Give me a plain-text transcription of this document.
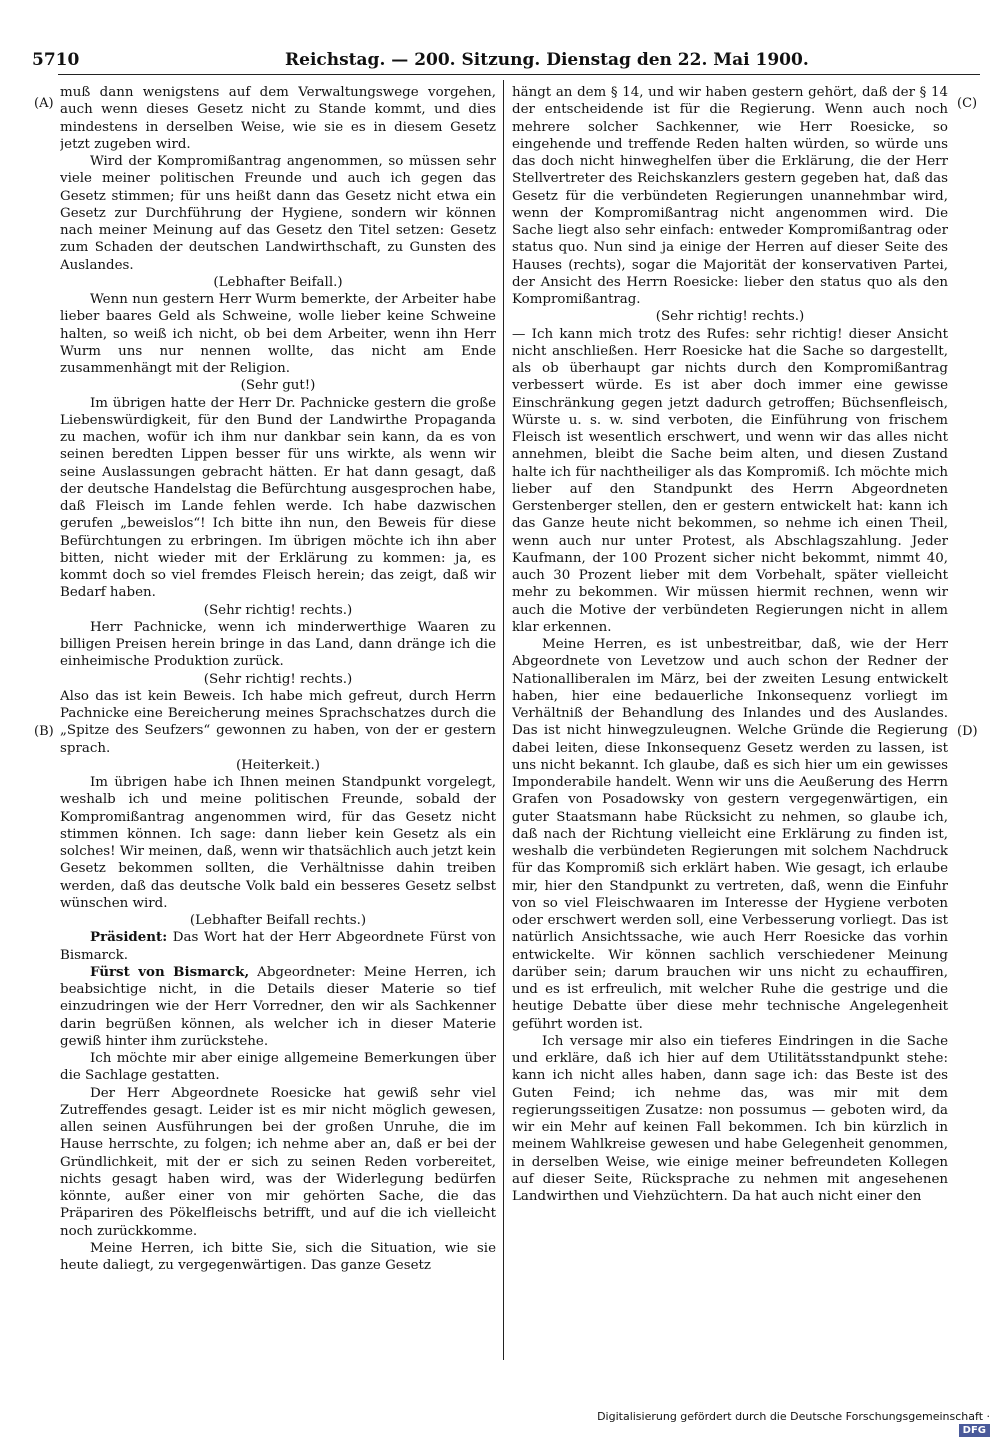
5710	Reichstag. — 200. Sitzung. Dienstag den 22. Mai 1900.
(A)
(B)
(C)
(D)

muß dann wenigstens auf dem Verwaltungswege vorgehen, auch wenn dieses Gesetz nicht zu Stande kommt, und dies mindestens in derselben Weise, wie sie es in diesem Gesetz jetzt zugeben wird.

Wird der Kompromißantrag angenommen, so müssen sehr viele meiner politischen Freunde und auch ich gegen das Gesetz stimmen; für uns heißt dann das Gesetz nicht etwa ein Gesetz zur Durchführung der Hygiene, sondern wir können nach meiner Meinung auf das Gesetz den Titel setzen: Gesetz zum Schaden der deutschen Landwirthschaft, zu Gunsten des Auslandes.

(Lebhafter Beifall.)

Wenn nun gestern Herr Wurm bemerkte, der Arbeiter habe lieber baares Geld als Schweine, wolle lieber keine Schweine halten, so weiß ich nicht, ob bei dem Arbeiter, wenn ihn Herr Wurm uns nur nennen wollte, das nicht am Ende zusammenhängt mit der Religion.

(Sehr gut!)

Im übrigen hatte der Herr Dr. Pachnicke gestern die große Liebenswürdigkeit, für den Bund der Landwirthe Propaganda zu machen, wofür ich ihm nur dankbar sein kann, da es von seinen beredten Lippen besser für uns wirkte, als wenn wir seine Auslassungen gebracht hätten. Er hat dann gesagt, daß der deutsche Handelstag die Befürchtung ausgesprochen habe, daß Fleisch im Lande fehlen werde. Ich habe dazwischen gerufen „beweislos“! Ich bitte ihn nun, den Beweis für diese Befürchtungen zu erbringen. Im übrigen möchte ich ihn aber bitten, nicht wieder mit der Erklärung zu kommen: ja, es kommt doch so viel fremdes Fleisch herein; das zeigt, daß wir Bedarf haben.

(Sehr richtig! rechts.)

Herr Pachnicke, wenn ich minderwerthige Waaren zu billigen Preisen herein bringe in das Land, dann dränge ich die einheimische Produktion zurück.

(Sehr richtig! rechts.)

Also das ist kein Beweis. Ich habe mich gefreut, durch Herrn Pachnicke eine Bereicherung meines Sprachschatzes durch die „Spitze des Seufzers“ gewonnen zu haben, von der er gestern sprach.

(Heiterkeit.)

Im übrigen habe ich Ihnen meinen Standpunkt vorgelegt, weshalb ich und meine politischen Freunde, sobald der Kompromißantrag angenommen wird, für das Gesetz nicht stimmen können. Ich sage: dann lieber kein Gesetz als ein solches! Wir meinen, daß, wenn wir thatsächlich auch jetzt kein Gesetz bekommen sollten, die Verhältnisse dahin treiben werden, daß das deutsche Volk bald ein besseres Gesetz selbst wünschen wird.

(Lebhafter Beifall rechts.)

Präsident: Das Wort hat der Herr Abgeordnete Fürst von Bismarck.

Fürst von Bismarck, Abgeordneter: Meine Herren, ich beabsichtige nicht, in die Details dieser Materie so tief einzudringen wie der Herr Vorredner, den wir als Sachkenner darin begrüßen können, als welcher ich in dieser Materie gewiß hinter ihm zurückstehe.

Ich möchte mir aber einige allgemeine Bemerkungen über die Sachlage gestatten.

Der Herr Abgeordnete Roesicke hat gewiß sehr viel Zutreffendes gesagt. Leider ist es mir nicht möglich gewesen, allen seinen Ausführungen bei der großen Unruhe, die im Hause herrschte, zu folgen; ich nehme aber an, daß er bei der Gründlichkeit, mit der er sich zu seinen Reden vorbereitet, nichts gesagt haben wird, was der Widerlegung bedürfen könnte, außer einer von mir gehörten Sache, die das Präpariren des Pökelfleischs betrifft, und auf die ich vielleicht noch zurückkomme.

Meine Herren, ich bitte Sie, sich die Situation, wie sie heute daliegt, zu vergegenwärtigen. Das ganze Gesetz

hängt an dem § 14, und wir haben gestern gehört, daß der § 14 der entscheidende ist für die Regierung. Wenn auch noch mehrere solcher Sachkenner, wie Herr Roesicke, so eingehende und treffende Reden halten würden, so würde uns das doch nicht hinweghelfen über die Erklärung, die der Herr Stellvertreter des Reichskanzlers gestern gegeben hat, daß das Gesetz für die verbündeten Regierungen unannehmbar wird, wenn der Kompromißantrag nicht angenommen wird. Die Sache liegt also sehr einfach: entweder Kompromißantrag oder status quo. Nun sind ja einige der Herren auf dieser Seite des Hauses (rechts), sogar die Majorität der konservativen Partei, der Ansicht des Herrn Roesicke: lieber den status quo als den Kompromißantrag.

(Sehr richtig! rechts.)

— Ich kann mich trotz des Rufes: sehr richtig! dieser Ansicht nicht anschließen. Herr Roesicke hat die Sache so dargestellt, als ob überhaupt gar nichts durch den Kompromißantrag verbessert würde. Es ist aber doch immer eine gewisse Einschränkung gegen jetzt dadurch getroffen; Büchsenfleisch, Würste u. s. w. sind verboten, die Einführung von frischem Fleisch ist wesentlich erschwert, und wenn wir das alles nicht annehmen, bleibt die Sache beim alten, und diesen Zustand halte ich für nachtheiliger als das Kompromiß. Ich möchte mich lieber auf den Standpunkt des Herrn Abgeordneten Gerstenberger stellen, den er gestern entwickelt hat: kann ich das Ganze heute nicht bekommen, so nehme ich einen Theil, wenn auch nur unter Protest, als Abschlagszahlung. Jeder Kaufmann, der 100 Prozent sicher nicht bekommt, nimmt 40, auch 30 Prozent lieber mit dem Vorbehalt, später vielleicht mehr zu bekommen. Wir müssen hiermit rechnen, wenn wir auch die Motive der verbündeten Regierungen nicht in allem klar erkennen.

Meine Herren, es ist unbestreitbar, daß, wie der Herr Abgeordnete von Levetzow und auch schon der Redner der Nationalliberalen im März, bei der zweiten Lesung entwickelt haben, hier eine bedauerliche Inkonsequenz vorliegt im Verhältniß der Behandlung des Inlandes und des Auslandes. Das ist nicht hinwegzuleugnen. Welche Gründe die Regierung dabei leiten, diese Inkonsequenz Gesetz werden zu lassen, ist uns nicht bekannt. Ich glaube, daß es sich hier um ein gewisses Imponderabile handelt. Wenn wir uns die Aeußerung des Herrn Grafen von Posadowsky von gestern vergegenwärtigen, ein guter Staatsmann habe Rücksicht zu nehmen, so glaube ich, daß nach der Richtung vielleicht eine Erklärung zu finden ist, weshalb die verbündeten Regierungen mit solchem Nachdruck für das Kompromiß sich erklärt haben. Wie gesagt, ich erlaube mir, hier den Standpunkt zu vertreten, daß, wenn die Einfuhr von so viel Fleischwaaren im Interesse der Hygiene verboten oder erschwert werden soll, eine Verbesserung vorliegt. Das ist natürlich Ansichtssache, wie auch Herr Roesicke das vorhin entwickelte. Wir können sachlich verschiedener Meinung darüber sein; darum brauchen wir uns nicht zu echauffiren, und es ist erfreulich, mit welcher Ruhe die gestrige und die heutige Debatte über diese mehr technische Angelegenheit geführt worden ist.

Ich versage mir also ein tieferes Eindringen in die Sache und erkläre, daß ich hier auf dem Utilitätsstandpunkt stehe: kann ich nicht alles haben, dann sage ich: das Beste ist des Guten Feind; ich nehme das, was mir mit dem regierungsseitigen Zusatze: non possumus — geboten wird, da wir ein Mehr auf keinen Fall bekommen. Ich bin kürzlich in meinem Wahlkreise gewesen und habe Gelegenheit genommen, in derselben Weise, wie einige meiner befreundeten Kollegen auf dieser Seite, Rücksprache zu nehmen mit angesehenen Landwirthen und Viehzüchtern. Da hat auch nicht einer den

Digitalisierung gefördert durch die Deutsche Forschungsgemeinschaft · DFG
